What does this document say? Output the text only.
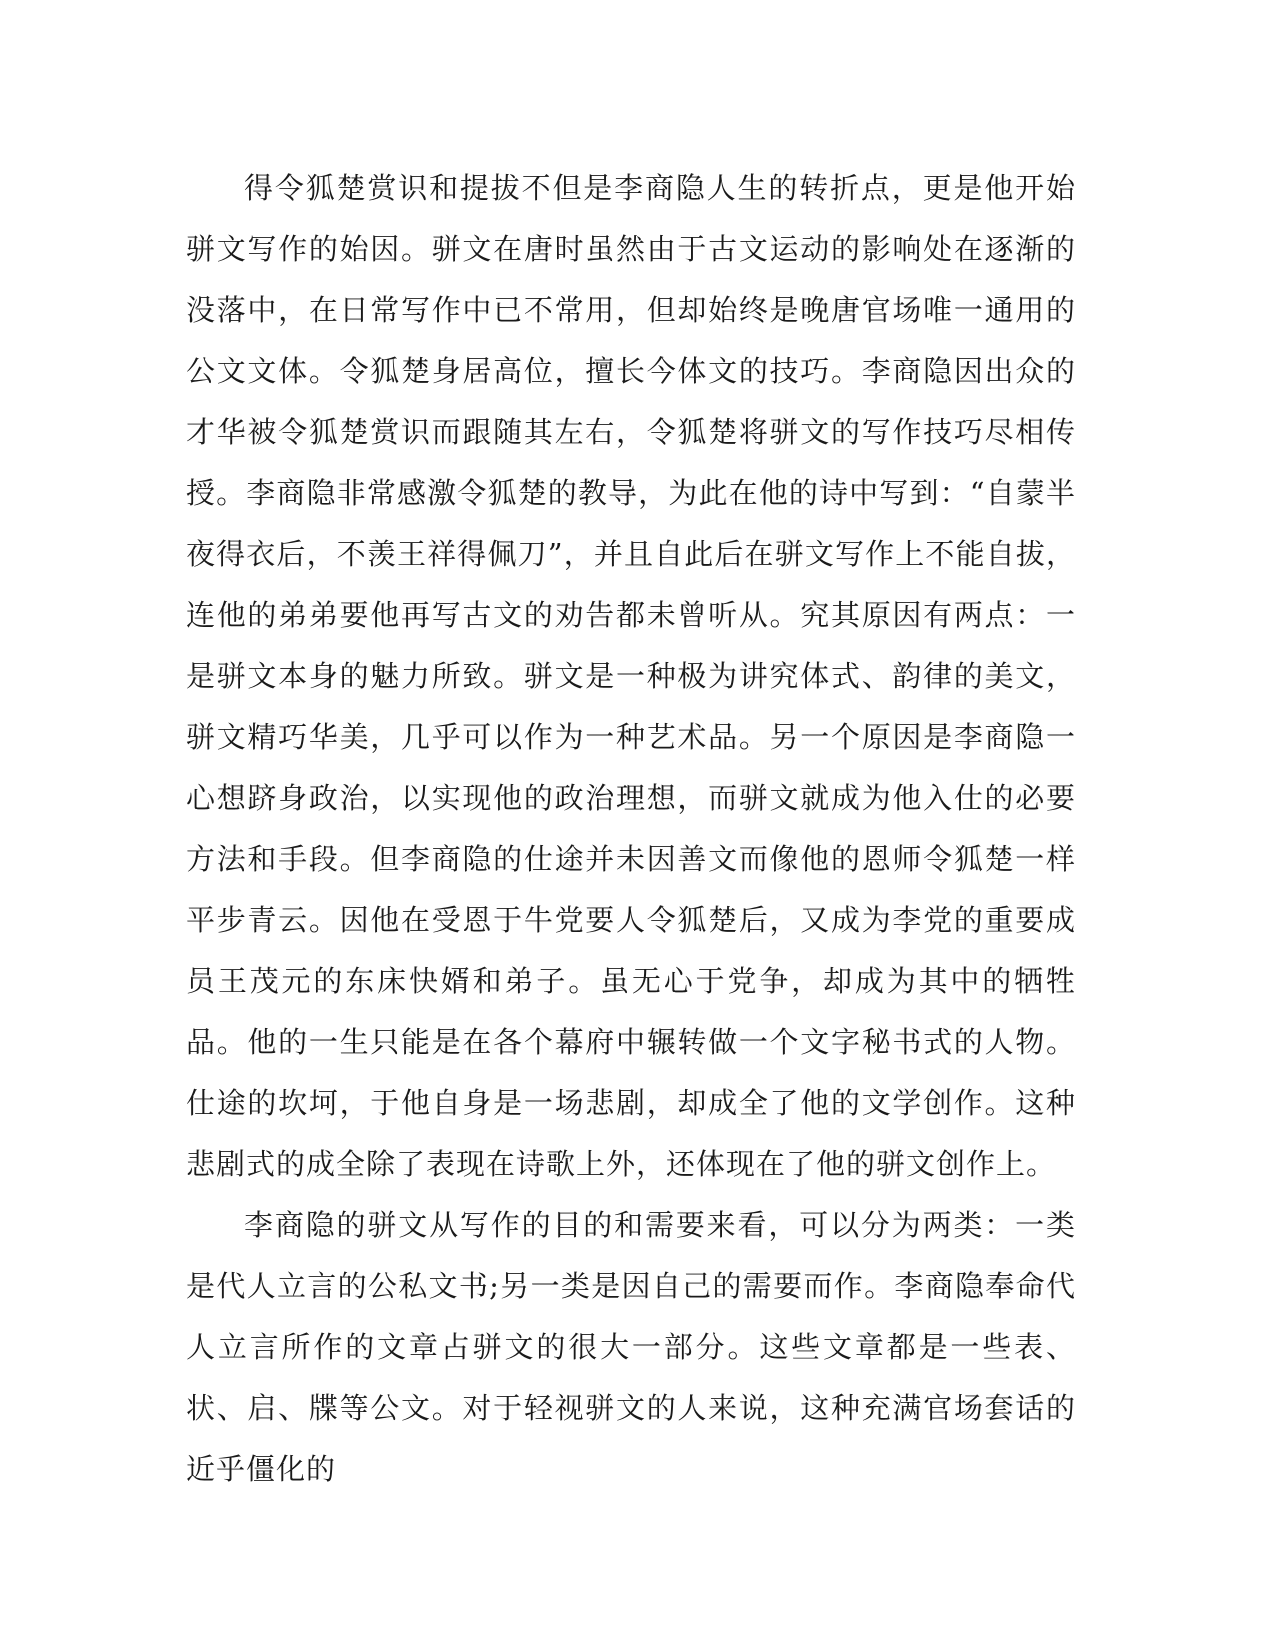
得令狐楚赏识和提拔不但是李商隐人生的转折点，更是他开始骈文写作的始因。骈文在唐时虽然由于古文运动的影响处在逐渐的没落中，在日常写作中已不常用，但却始终是晚唐官场唯一通用的公文文体。令狐楚身居高位，擅长今体文的技巧。李商隐因出众的才华被令狐楚赏识而跟随其左右，令狐楚将骈文的写作技巧尽相传授。李商隐非常感激令狐楚的教导，为此在他的诗中写到：“自蒙半夜得衣后，不羡王祥得佩刀”，并且自此后在骈文写作上不能自拔，连他的弟弟要他再写古文的劝告都未曾听从。究其原因有两点：一是骈文本身的魅力所致。骈文是一种极为讲究体式、韵律的美文，骈文精巧华美，几乎可以作为一种艺术品。另一个原因是李商隐一心想跻身政治，以实现他的政治理想，而骈文就成为他入仕的必要方法和手段。但李商隐的仕途并未因善文而像他的恩师令狐楚一样平步青云。因他在受恩于牛党要人令狐楚后，又成为李党的重要成员王茂元的东床快婿和弟子。虽无心于党争，却成为其中的牺牲品。他的一生只能是在各个幕府中辗转做一个文字秘书式的人物。仕途的坎坷，于他自身是一场悲剧，却成全了他的文学创作。这种悲剧式的成全除了表现在诗歌上外，还体现在了他的骈文创作上。

李商隐的骈文从写作的目的和需要来看，可以分为两类：一类是代人立言的公私文书;另一类是因自己的需要而作。李商隐奉命代人立言所作的文章占骈文的很大一部分。这些文章都是一些表、状、启、牒等公文。对于轻视骈文的人来说，这种充满官场套话的近乎僵化的
